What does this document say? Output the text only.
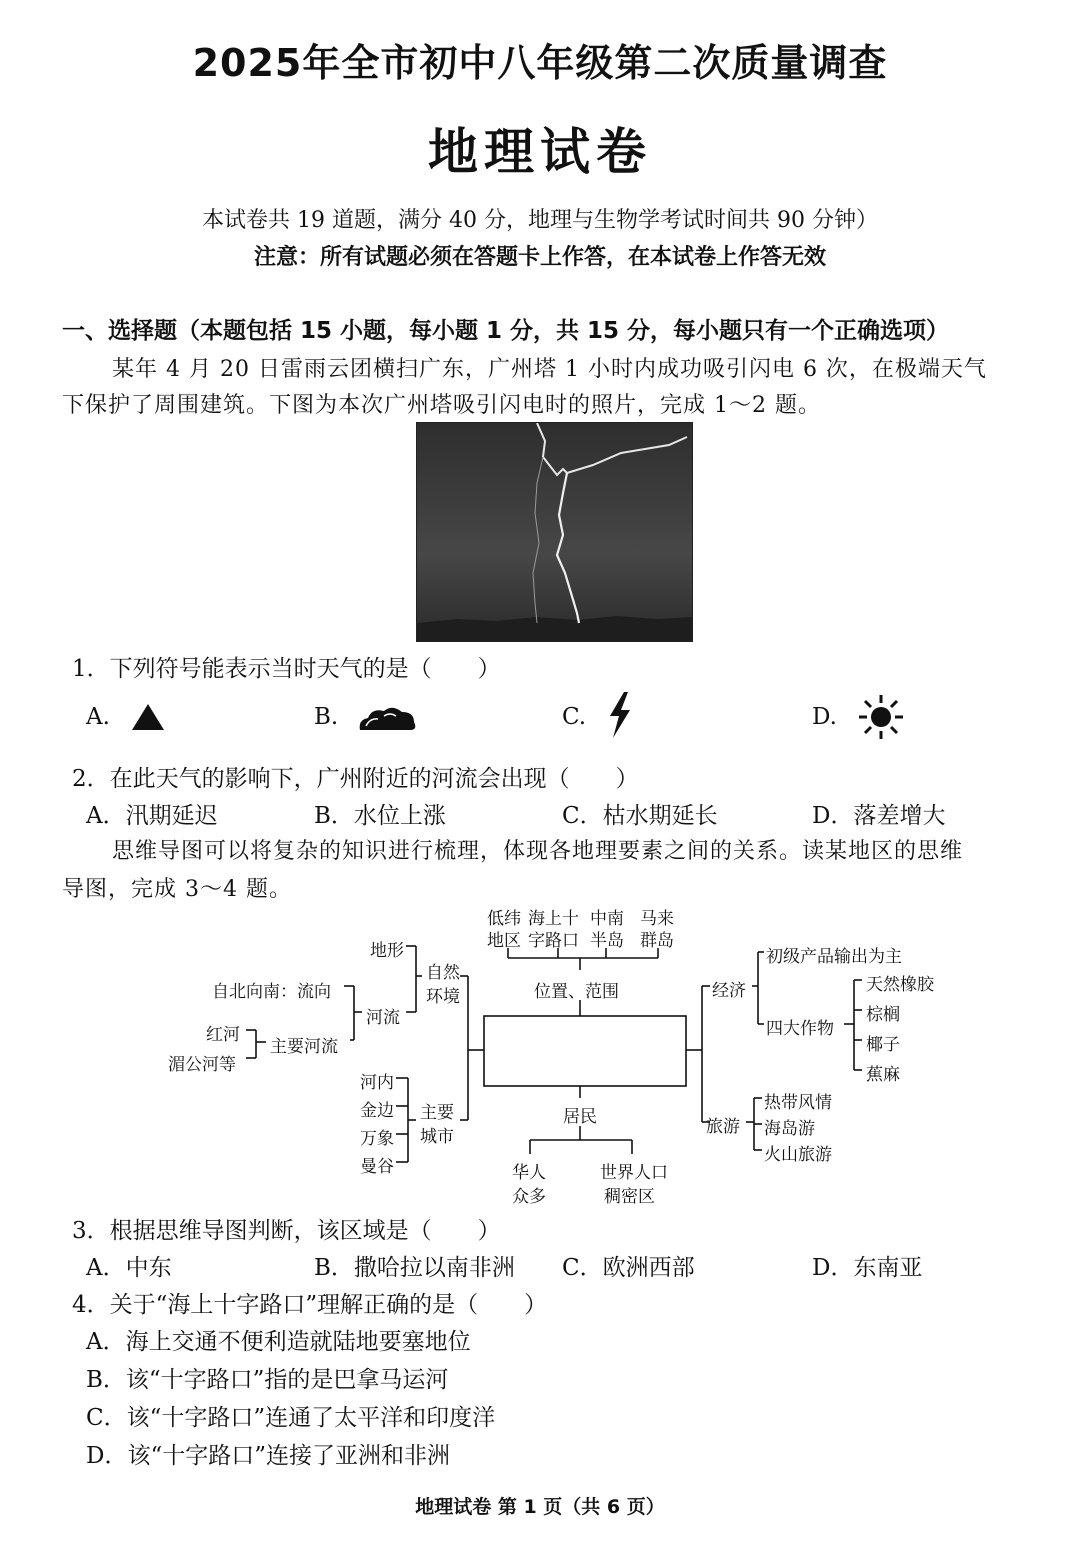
2025年全市初中八年级第二次质量调查
地理试卷
本试卷共 19 道题，满分 40 分，地理与生物学考试时间共 90 分钟）
注意：所有试题必须在答题卡上作答，在本试卷上作答无效
一、选择题（本题包括 15 小题，每小题 1 分，共 15 分，每小题只有一个正确选项）
某年 4 月 20 日雷雨云团横扫广东，广州塔 1 小时内成功吸引闪电 6 次，在极端天气
下保护了周围建筑。下图为本次广州塔吸引闪电时的照片，完成 1～2 题。
1．下列符号能表示当时天气的是（　　）
A.	B.	C.	D.
2．在此天气的影响下，广州附近的河流会出现（　　）
A．汛期延迟	B．水位上涨	C．枯水期延长	D．落差增大
思维导图可以将复杂的知识进行梳理，体现各地理要素之间的关系。读某地区的思维
导图，完成 3～4 题。
低纬
地区
海上十
字路口
中南
半岛
马来
群岛
位置、范围
地形
自然
环境
自北向南：流向
河流
红河
湄公河等
主要河流
河内
金边
万象
曼谷
主要
城市
居民
华人
众多
世界人口
稠密区
经济
初级产品输出为主
四大作物
天然橡胶
棕榈
椰子
蕉麻
旅游
热带风情
海岛游
火山旅游
3．根据思维导图判断，该区域是（　　）
A．中东	B．撒哈拉以南非洲 C．欧洲西部	D．东南亚
4．关于“海上十字路口”理解正确的是（　　）
A．海上交通不便利造就陆地要塞地位
B．该“十字路口”指的是巴拿马运河
C．该“十字路口”连通了太平洋和印度洋
D．该“十字路口”连接了亚洲和非洲
地理试卷 第 1 页（共 6 页）
